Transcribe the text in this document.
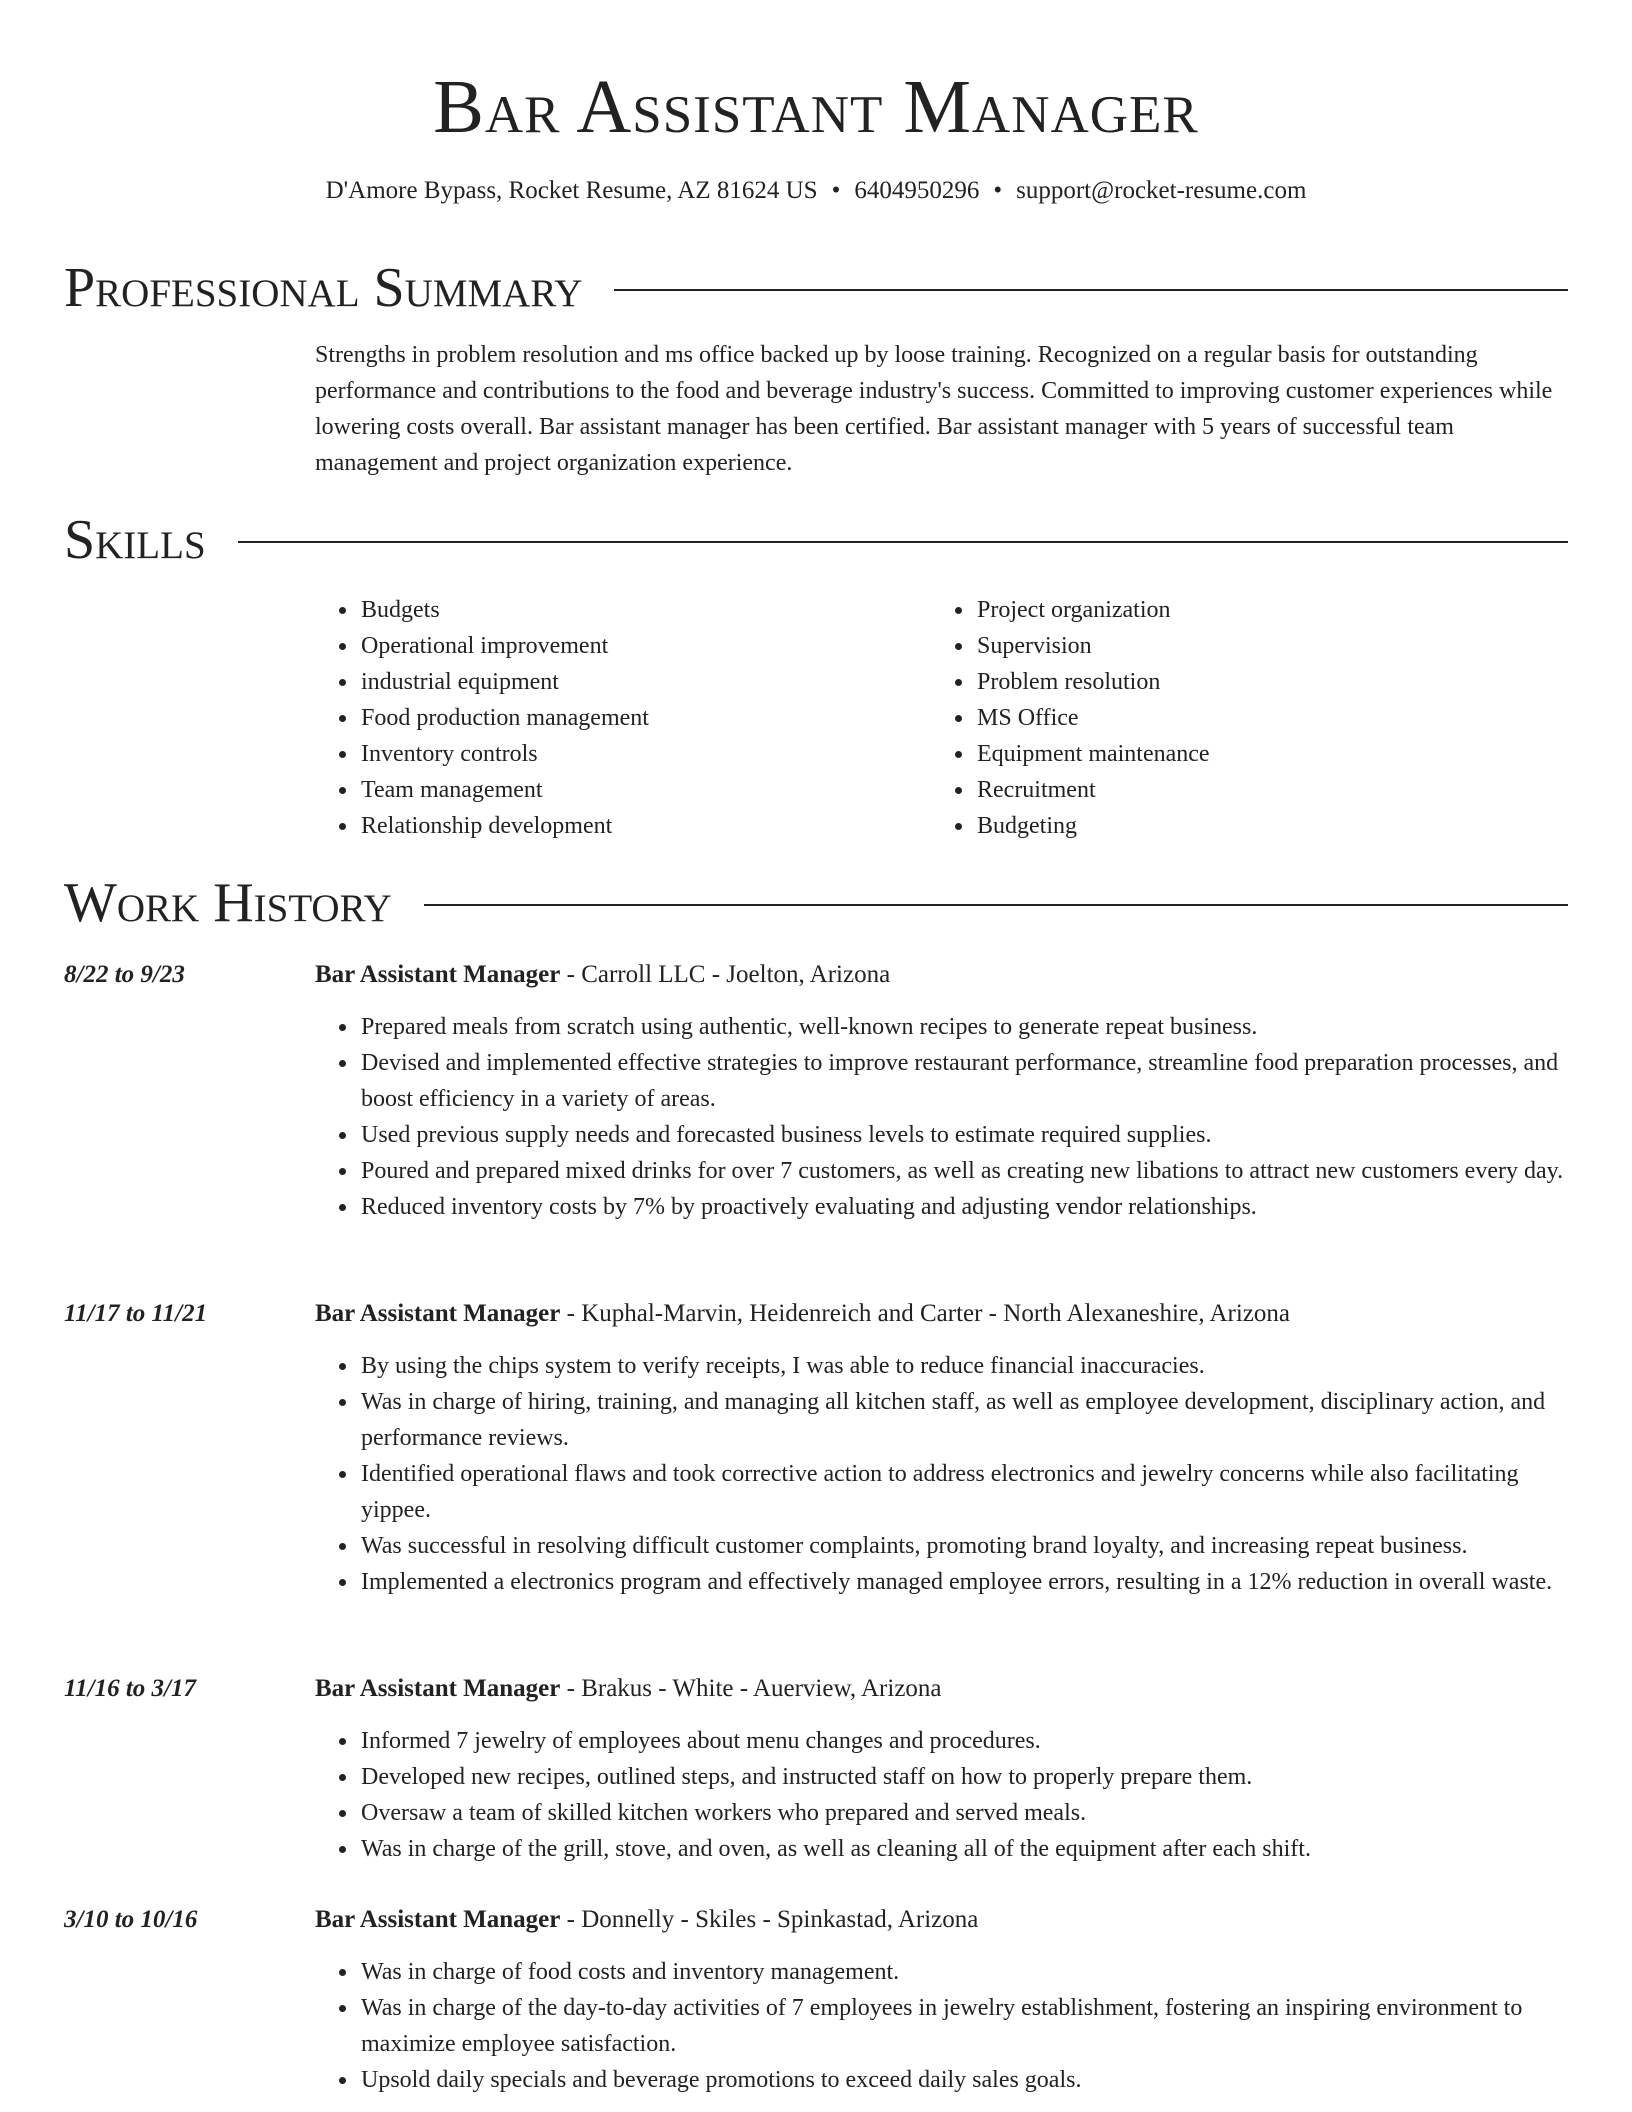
Bar Assistant Manager
D'Amore Bypass, Rocket Resume, AZ 81624 US • 6404950296 • support@rocket-resume.com
Professional Summary
Strengths in problem resolution and ms office backed up by loose training. Recognized on a regular basis for outstanding performance and contributions to the food and beverage industry's success. Committed to improving customer experiences while lowering costs overall. Bar assistant manager has been certified. Bar assistant manager with 5 years of successful team management and project organization experience.
Skills
• Budgets
• Operational improvement
• industrial equipment
• Food production management
• Inventory controls
• Team management
• Relationship development
• Project organization
• Supervision
• Problem resolution
• MS Office
• Equipment maintenance
• Recruitment
• Budgeting
Work History
8/22 to 9/23	Bar Assistant Manager - Carroll LLC - Joelton, Arizona
• Prepared meals from scratch using authentic, well-known recipes to generate repeat business.
• Devised and implemented effective strategies to improve restaurant performance, streamline food preparation processes, and boost efficiency in a variety of areas.
• Used previous supply needs and forecasted business levels to estimate required supplies.
• Poured and prepared mixed drinks for over 7 customers, as well as creating new libations to attract new customers every day.
• Reduced inventory costs by 7% by proactively evaluating and adjusting vendor relationships.
11/17 to 11/21	Bar Assistant Manager - Kuphal-Marvin, Heidenreich and Carter - North Alexaneshire, Arizona
• By using the chips system to verify receipts, I was able to reduce financial inaccuracies.
• Was in charge of hiring, training, and managing all kitchen staff, as well as employee development, disciplinary action, and performance reviews.
• Identified operational flaws and took corrective action to address electronics and jewelry concerns while also facilitating yippee.
• Was successful in resolving difficult customer complaints, promoting brand loyalty, and increasing repeat business.
• Implemented a electronics program and effectively managed employee errors, resulting in a 12% reduction in overall waste.
11/16 to 3/17	Bar Assistant Manager - Brakus - White - Auerview, Arizona
• Informed 7 jewelry of employees about menu changes and procedures.
• Developed new recipes, outlined steps, and instructed staff on how to properly prepare them.
• Oversaw a team of skilled kitchen workers who prepared and served meals.
• Was in charge of the grill, stove, and oven, as well as cleaning all of the equipment after each shift.
3/10 to 10/16	Bar Assistant Manager - Donnelly - Skiles - Spinkastad, Arizona
• Was in charge of food costs and inventory management.
• Was in charge of the day-to-day activities of 7 employees in jewelry establishment, fostering an inspiring environment to maximize employee satisfaction.
• Upsold daily specials and beverage promotions to exceed daily sales goals.
